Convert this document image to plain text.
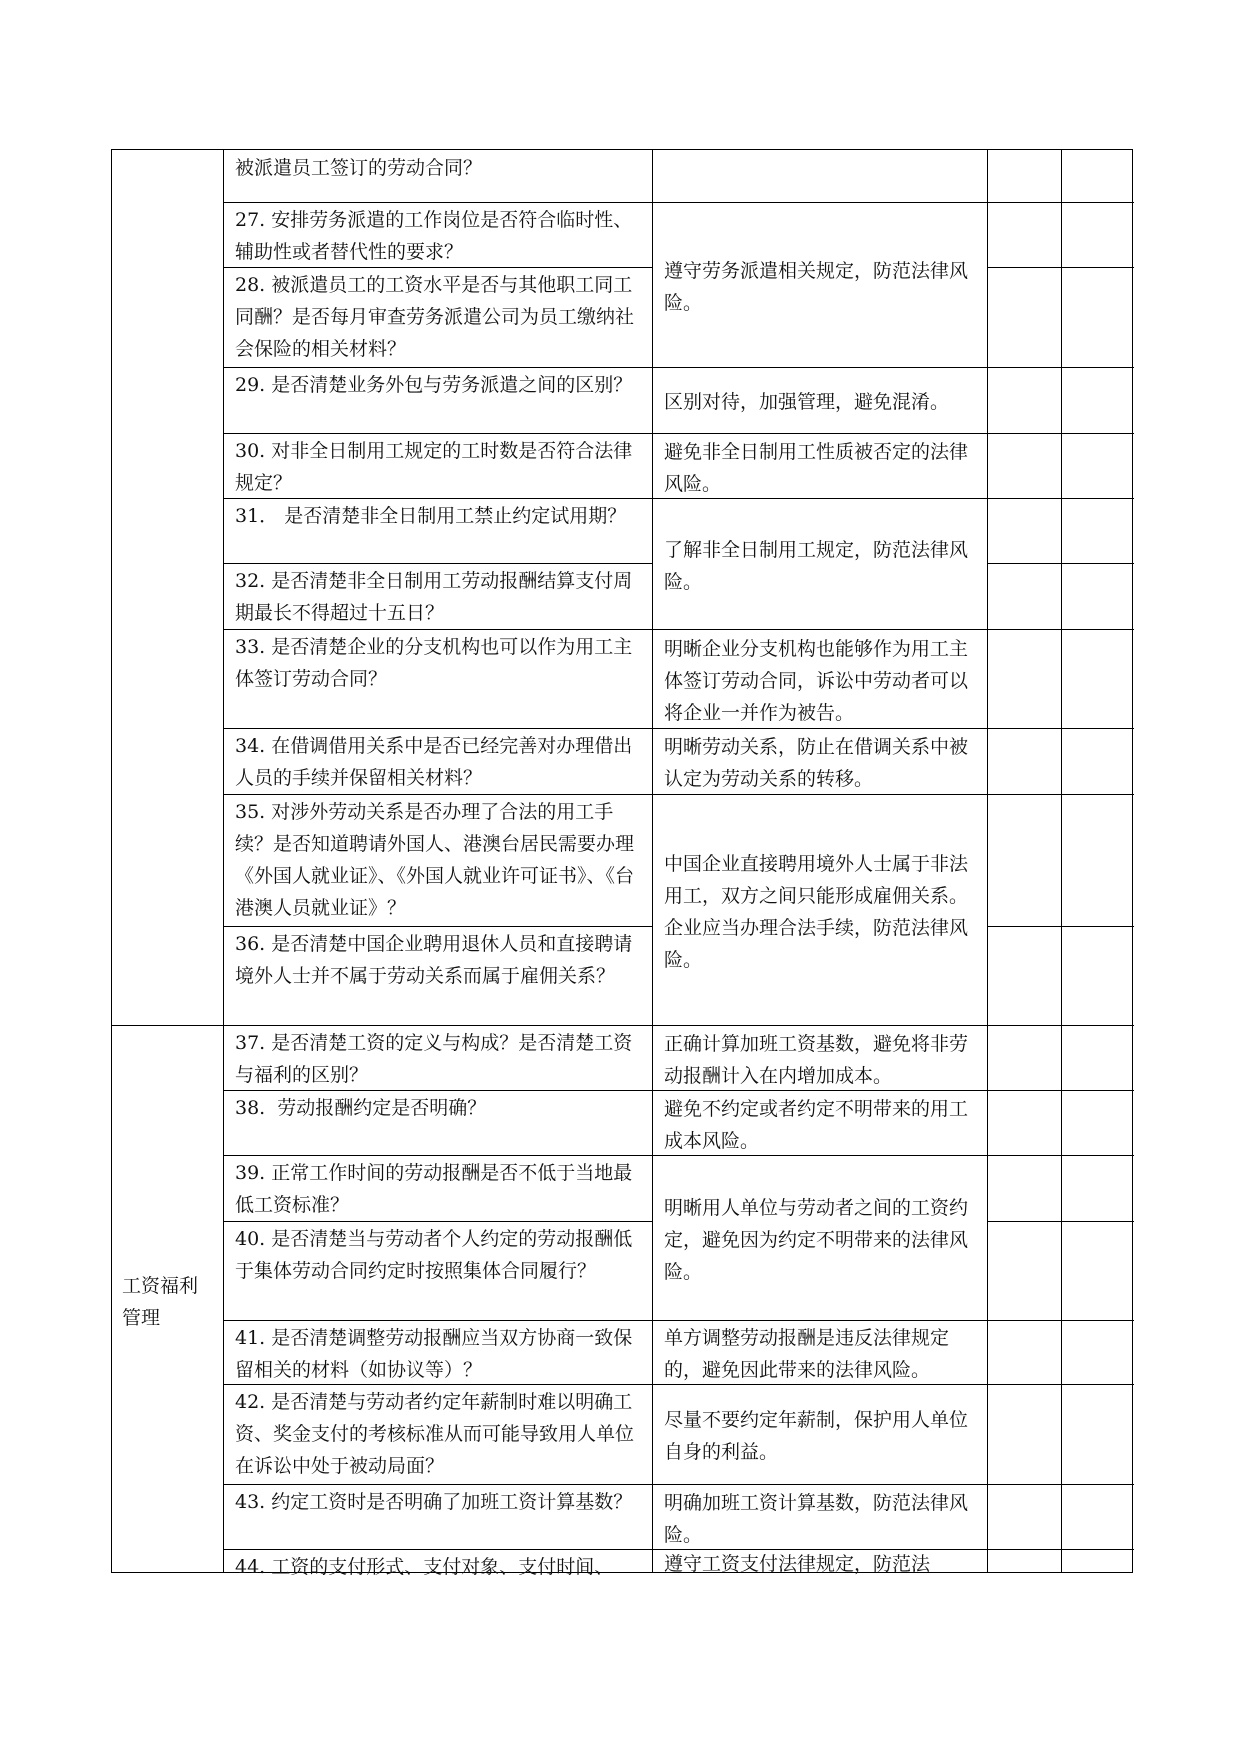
工资福利管理
被派遣员工签订的劳动合同？
27. 安排劳务派遣的工作岗位是否符合临时性、辅助性或者替代性的要求？
28. 被派遣员工的工资水平是否与其他职工同工同酬？是否每月审查劳务派遣公司为员工缴纳社会保险的相关材料？
29. 是否清楚业务外包与劳务派遣之间的区别？
30. 对非全日制用工规定的工时数是否符合法律规定？
31． 是否清楚非全日制用工禁止约定试用期？
32. 是否清楚非全日制用工劳动报酬结算支付周期最长不得超过十五日？
33. 是否清楚企业的分支机构也可以作为用工主体签订劳动合同？
34. 在借调借用关系中是否已经完善对办理借出人员的手续并保留相关材料？
35. 对涉外劳动关系是否办理了合法的用工手续？是否知道聘请外国人、港澳台居民需要办理《外国人就业证》、《外国人就业许可证书》、《台港澳人员就业证》？
36. 是否清楚中国企业聘用退休人员和直接聘请境外人士并不属于劳动关系而属于雇佣关系？
37. 是否清楚工资的定义与构成？是否清楚工资与福利的区别？
38.  劳动报酬约定是否明确？
39. 正常工作时间的劳动报酬是否不低于当地最低工资标准？
40. 是否清楚当与劳动者个人约定的劳动报酬低于集体劳动合同约定时按照集体合同履行？
41. 是否清楚调整劳动报酬应当双方协商一致保留相关的材料（如协议等）？
42. 是否清楚与劳动者约定年薪制时难以明确工资、奖金支付的考核标准从而可能导致用人单位在诉讼中处于被动局面？
43. 约定工资时是否明确了加班工资计算基数？
44. 工资的支付形式、支付对象、支付时间、
遵守劳务派遣相关规定，防范法律风险。
区别对待，加强管理，避免混淆。
避免非全日制用工性质被否定的法律风险。
了解非全日制用工规定，防范法律风险。
明晰企业分支机构也能够作为用工主体签订劳动合同，诉讼中劳动者可以将企业一并作为被告。
明晰劳动关系，防止在借调关系中被认定为劳动关系的转移。
中国企业直接聘用境外人士属于非法用工，双方之间只能形成雇佣关系。企业应当办理合法手续，防范法律风险。
正确计算加班工资基数，避免将非劳动报酬计入在内增加成本。
避免不约定或者约定不明带来的用工成本风险。
明晰用人单位与劳动者之间的工资约定，避免因为约定不明带来的法律风险。
单方调整劳动报酬是违反法律规定的，避免因此带来的法律风险。
尽量不要约定年薪制，保护用人单位自身的利益。
明确加班工资计算基数，防范法律风险。
遵守工资支付法律规定，防范法
